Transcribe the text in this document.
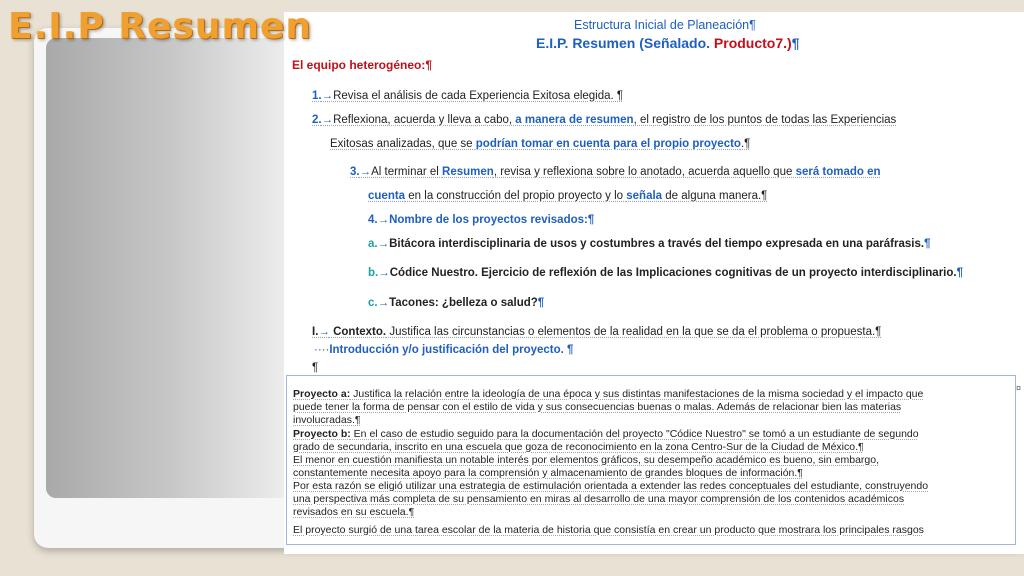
E.I.P Resumen	Estructura Inicial de Planeación¶
E.I.P. Resumen (Señalado. Producto7.)¶
El equipo heterogéneo:¶
1.→Revisa el análisis de cada Experiencia Exitosa elegida. ¶
2.→Reflexiona, acuerda y lleva a cabo, a manera de resumen, el registro de los puntos de todas las Experiencias
Exitosas analizadas, que se podrían tomar en cuenta para el propio proyecto.¶
3.→Al terminar el Resumen, revisa y reflexiona sobre lo anotado, acuerda aquello que será tomado en
cuenta en la construcción del propio proyecto y lo señala de alguna manera.¶
4.→Nombre de los proyectos revisados:¶
a.→Bitácora interdisciplinaria de usos y costumbres a través del tiempo expresada en una paráfrasis.¶
b.→Códice Nuestro. Ejercicio de reflexión de las Implicaciones cognitivas de un proyecto interdisciplinario.¶
c.→Tacones: ¿belleza o salud?¶
I.→ Contexto. Justifica las circunstancias o elementos de la realidad en la que se da el problema o propuesta.¶
····Introducción y/o justificación del proyecto. ¶
¶
Proyecto a: Justifica la relación entre la ideología de una época y sus distintas manifestaciones de la misma sociedad y el impacto que
puede tener la forma de pensar con el estilo de vida y sus consecuencias buenas o malas. Además de relacionar bien las materias
involucradas.¶
Proyecto b: En el caso de estudio seguido para la documentación del proyecto "Códice Nuestro" se tomó a un estudiante de segundo
grado de secundaria, inscrito en una escuela que goza de reconocimiento en la zona Centro-Sur de la Ciudad de México.¶
El menor en cuestión manifiesta un notable interés por elementos gráficos, su desempeño académico es bueno, sin embargo,
constantemente necesita apoyo para la comprensión y almacenamiento de grandes bloques de información.¶
Por esta razón se eligió utilizar una estrategia de estimulación orientada a extender las redes conceptuales del estudiante, construyendo
una perspectiva más completa de su pensamiento en miras al desarrollo de una mayor comprensión de los contenidos académicos
revisados en su escuela.¶
El proyecto surgió de una tarea escolar de la materia de historia que consistía en crear un producto que mostrara los principales rasgos
¤
